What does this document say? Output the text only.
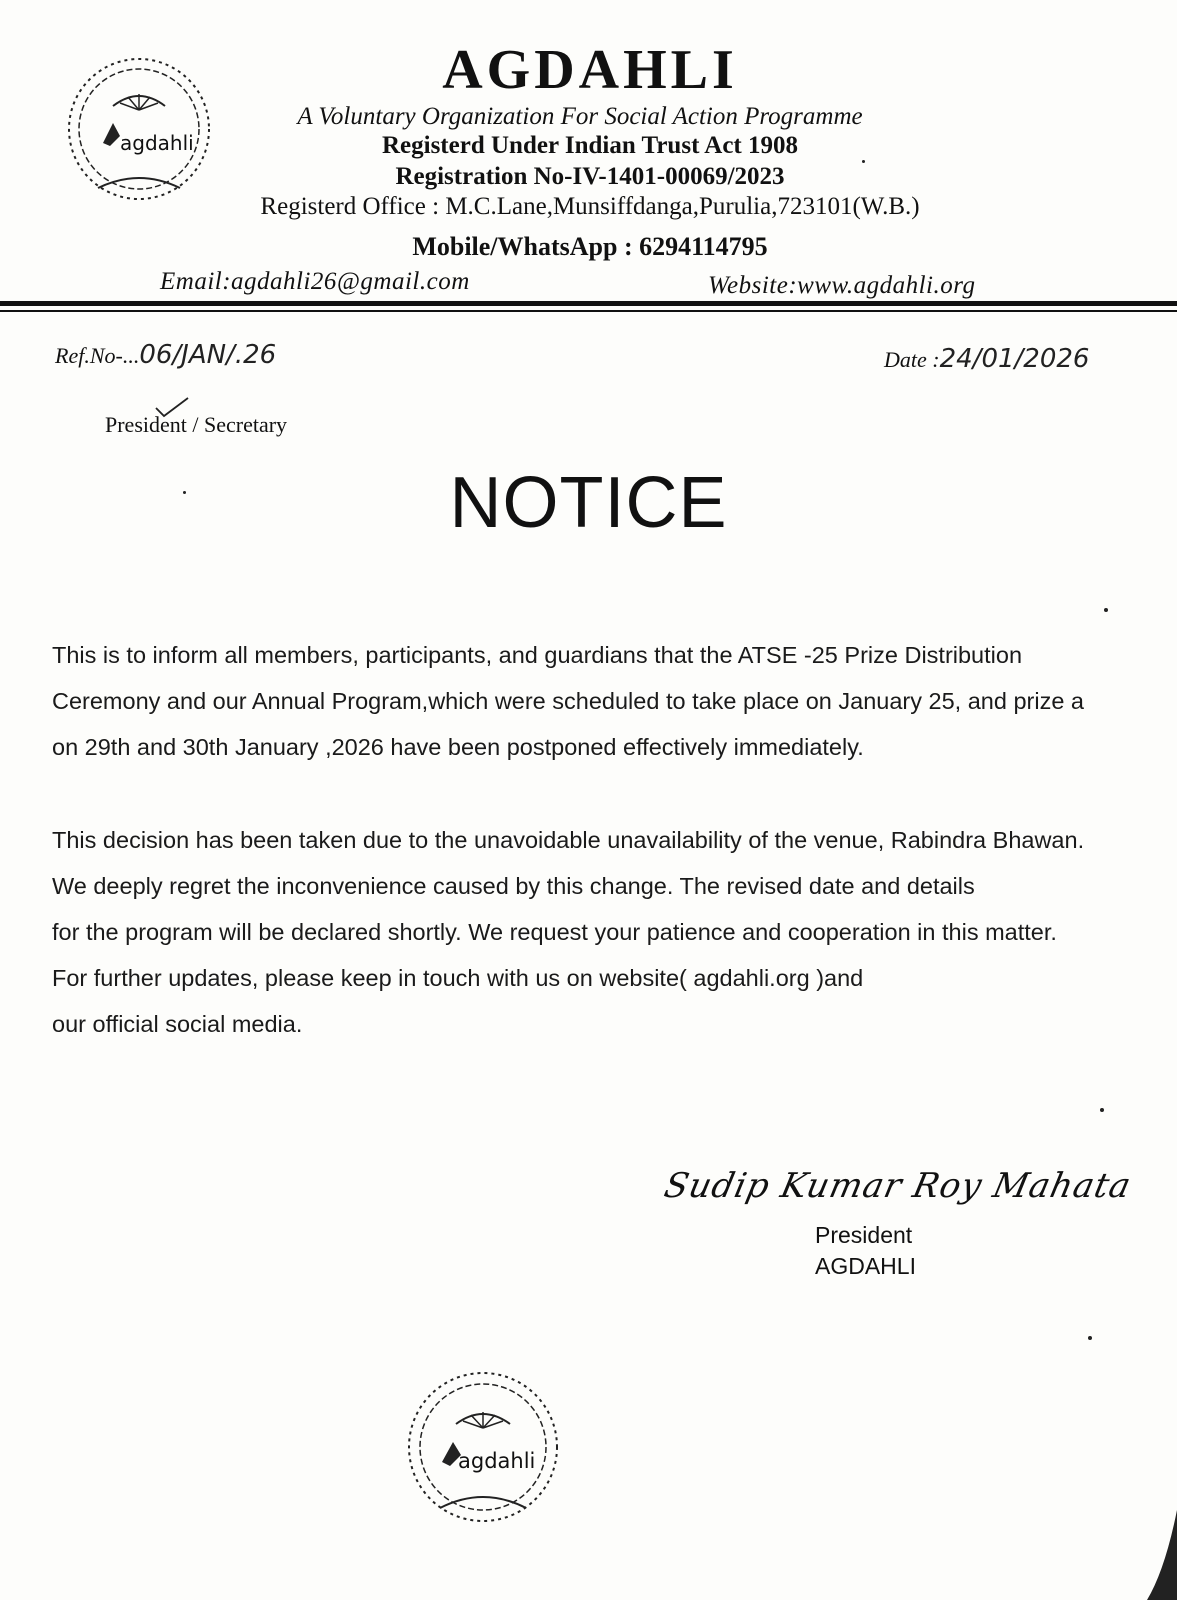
agdahli
AGDAHLI
A Voluntary Organization For Social Action Programme
Registerd Under Indian Trust Act 1908
Registration No-IV-1401-00069/2023
Registerd Office : M.C.Lane,Munsiffdanga,Purulia,723101(W.B.)
Mobile/WhatsApp : 6294114795
Email:agdahli26@gmail.com	Website:www.agdahli.org
Ref.No-...06/JAN/.26	Date :24/01/2026
President / Secretary
NOTICE
This is to inform all members, participants, and guardians that the ATSE -25 Prize Distribution
Ceremony and our Annual Program,which were scheduled to take place on January 25, and prize a
on 29th and 30th January ,2026 have been postponed effectively immediately.
This decision has been taken due to the unavoidable unavailability of the venue, Rabindra Bhawan.
We deeply regret the inconvenience caused by this change. The revised date and details
for the program will be declared shortly. We request your patience and cooperation in this matter.
For further updates, please keep in touch with us on website( agdahli.org )and
our official social media.
Sudip Kumar Roy Mahata
President
AGDAHLI
agdahli
